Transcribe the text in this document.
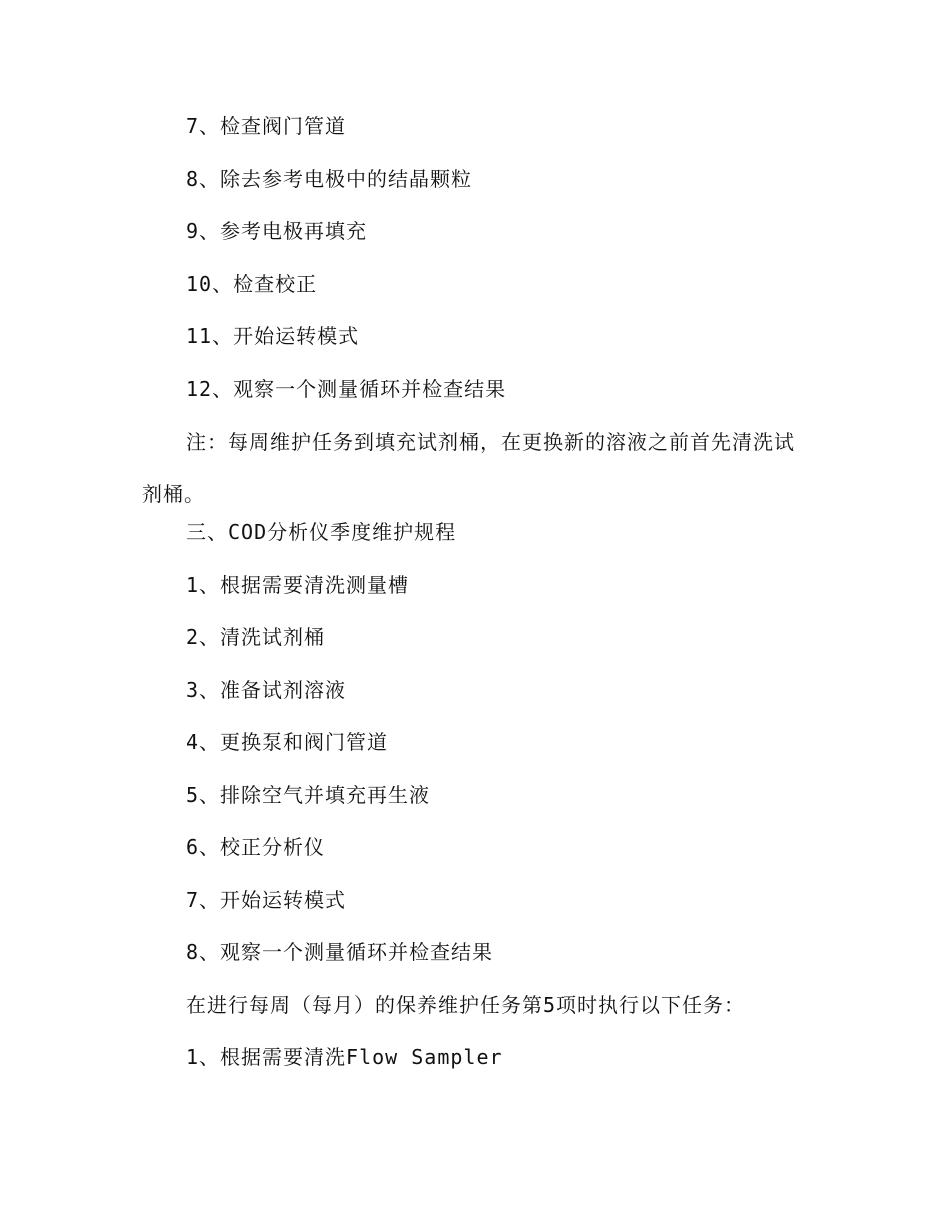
7、检查阀门管道
8、除去参考电极中的结晶颗粒
9、参考电极再填充
10、检查校正
11、开始运转模式
12、观察一个测量循环并检查结果
注：每周维护任务到填充试剂桶，在更换新的溶液之前首先清洗试剂桶。
三、COD分析仪季度维护规程
1、根据需要清洗测量槽
2、清洗试剂桶
3、准备试剂溶液
4、更换泵和阀门管道
5、排除空气并填充再生液
6、校正分析仪
7、开始运转模式
8、观察一个测量循环并检查结果
在进行每周（每月）的保养维护任务第5项时执行以下任务：
1、根据需要清洗Flow Sampler
